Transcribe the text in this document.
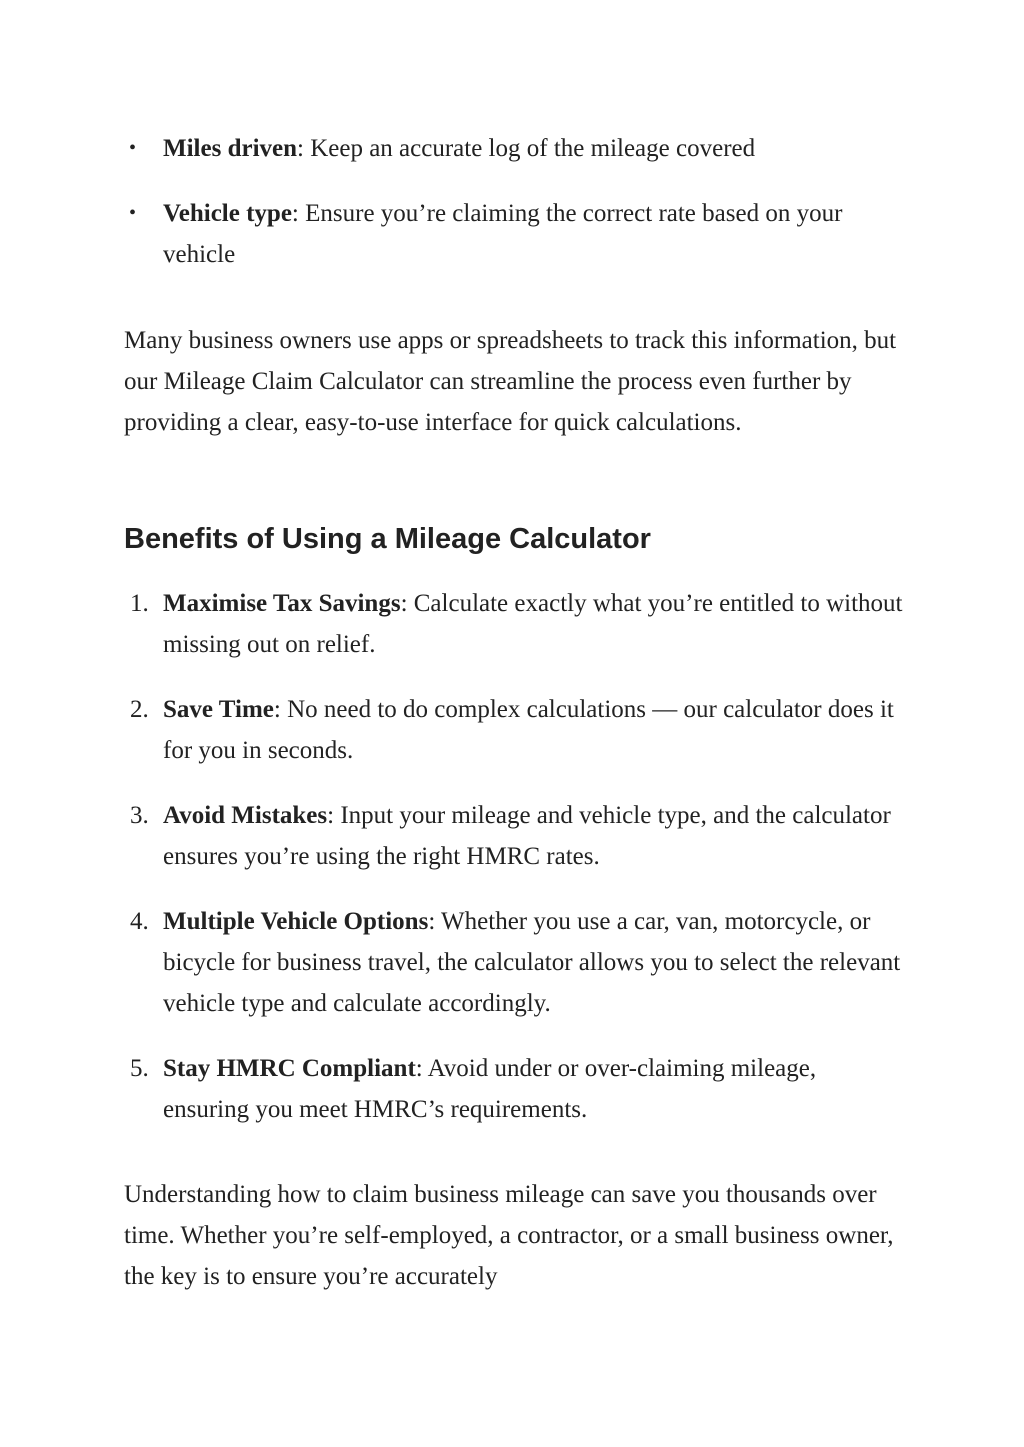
• Miles driven: Keep an accurate log of the mileage covered
• Vehicle type: Ensure you’re claiming the correct rate based on your vehicle

Many business owners use apps or spreadsheets to track this information, but our Mileage Claim Calculator can streamline the process even further by providing a clear, easy-to-use interface for quick calculations.

Benefits of Using a Mileage Calculator
1. Maximise Tax Savings: Calculate exactly what you’re entitled to without missing out on relief.
2. Save Time: No need to do complex calculations — our calculator does it for you in seconds.
3. Avoid Mistakes: Input your mileage and vehicle type, and the calculator ensures you’re using the right HMRC rates.
4. Multiple Vehicle Options: Whether you use a car, van, motorcycle, or bicycle for business travel, the calculator allows you to select the relevant vehicle type and calculate accordingly.
5. Stay HMRC Compliant: Avoid under or over-claiming mileage, ensuring you meet HMRC’s requirements.

Understanding how to claim business mileage can save you thousands over time. Whether you’re self-employed, a contractor, or a small business owner, the key is to ensure you’re accurately
